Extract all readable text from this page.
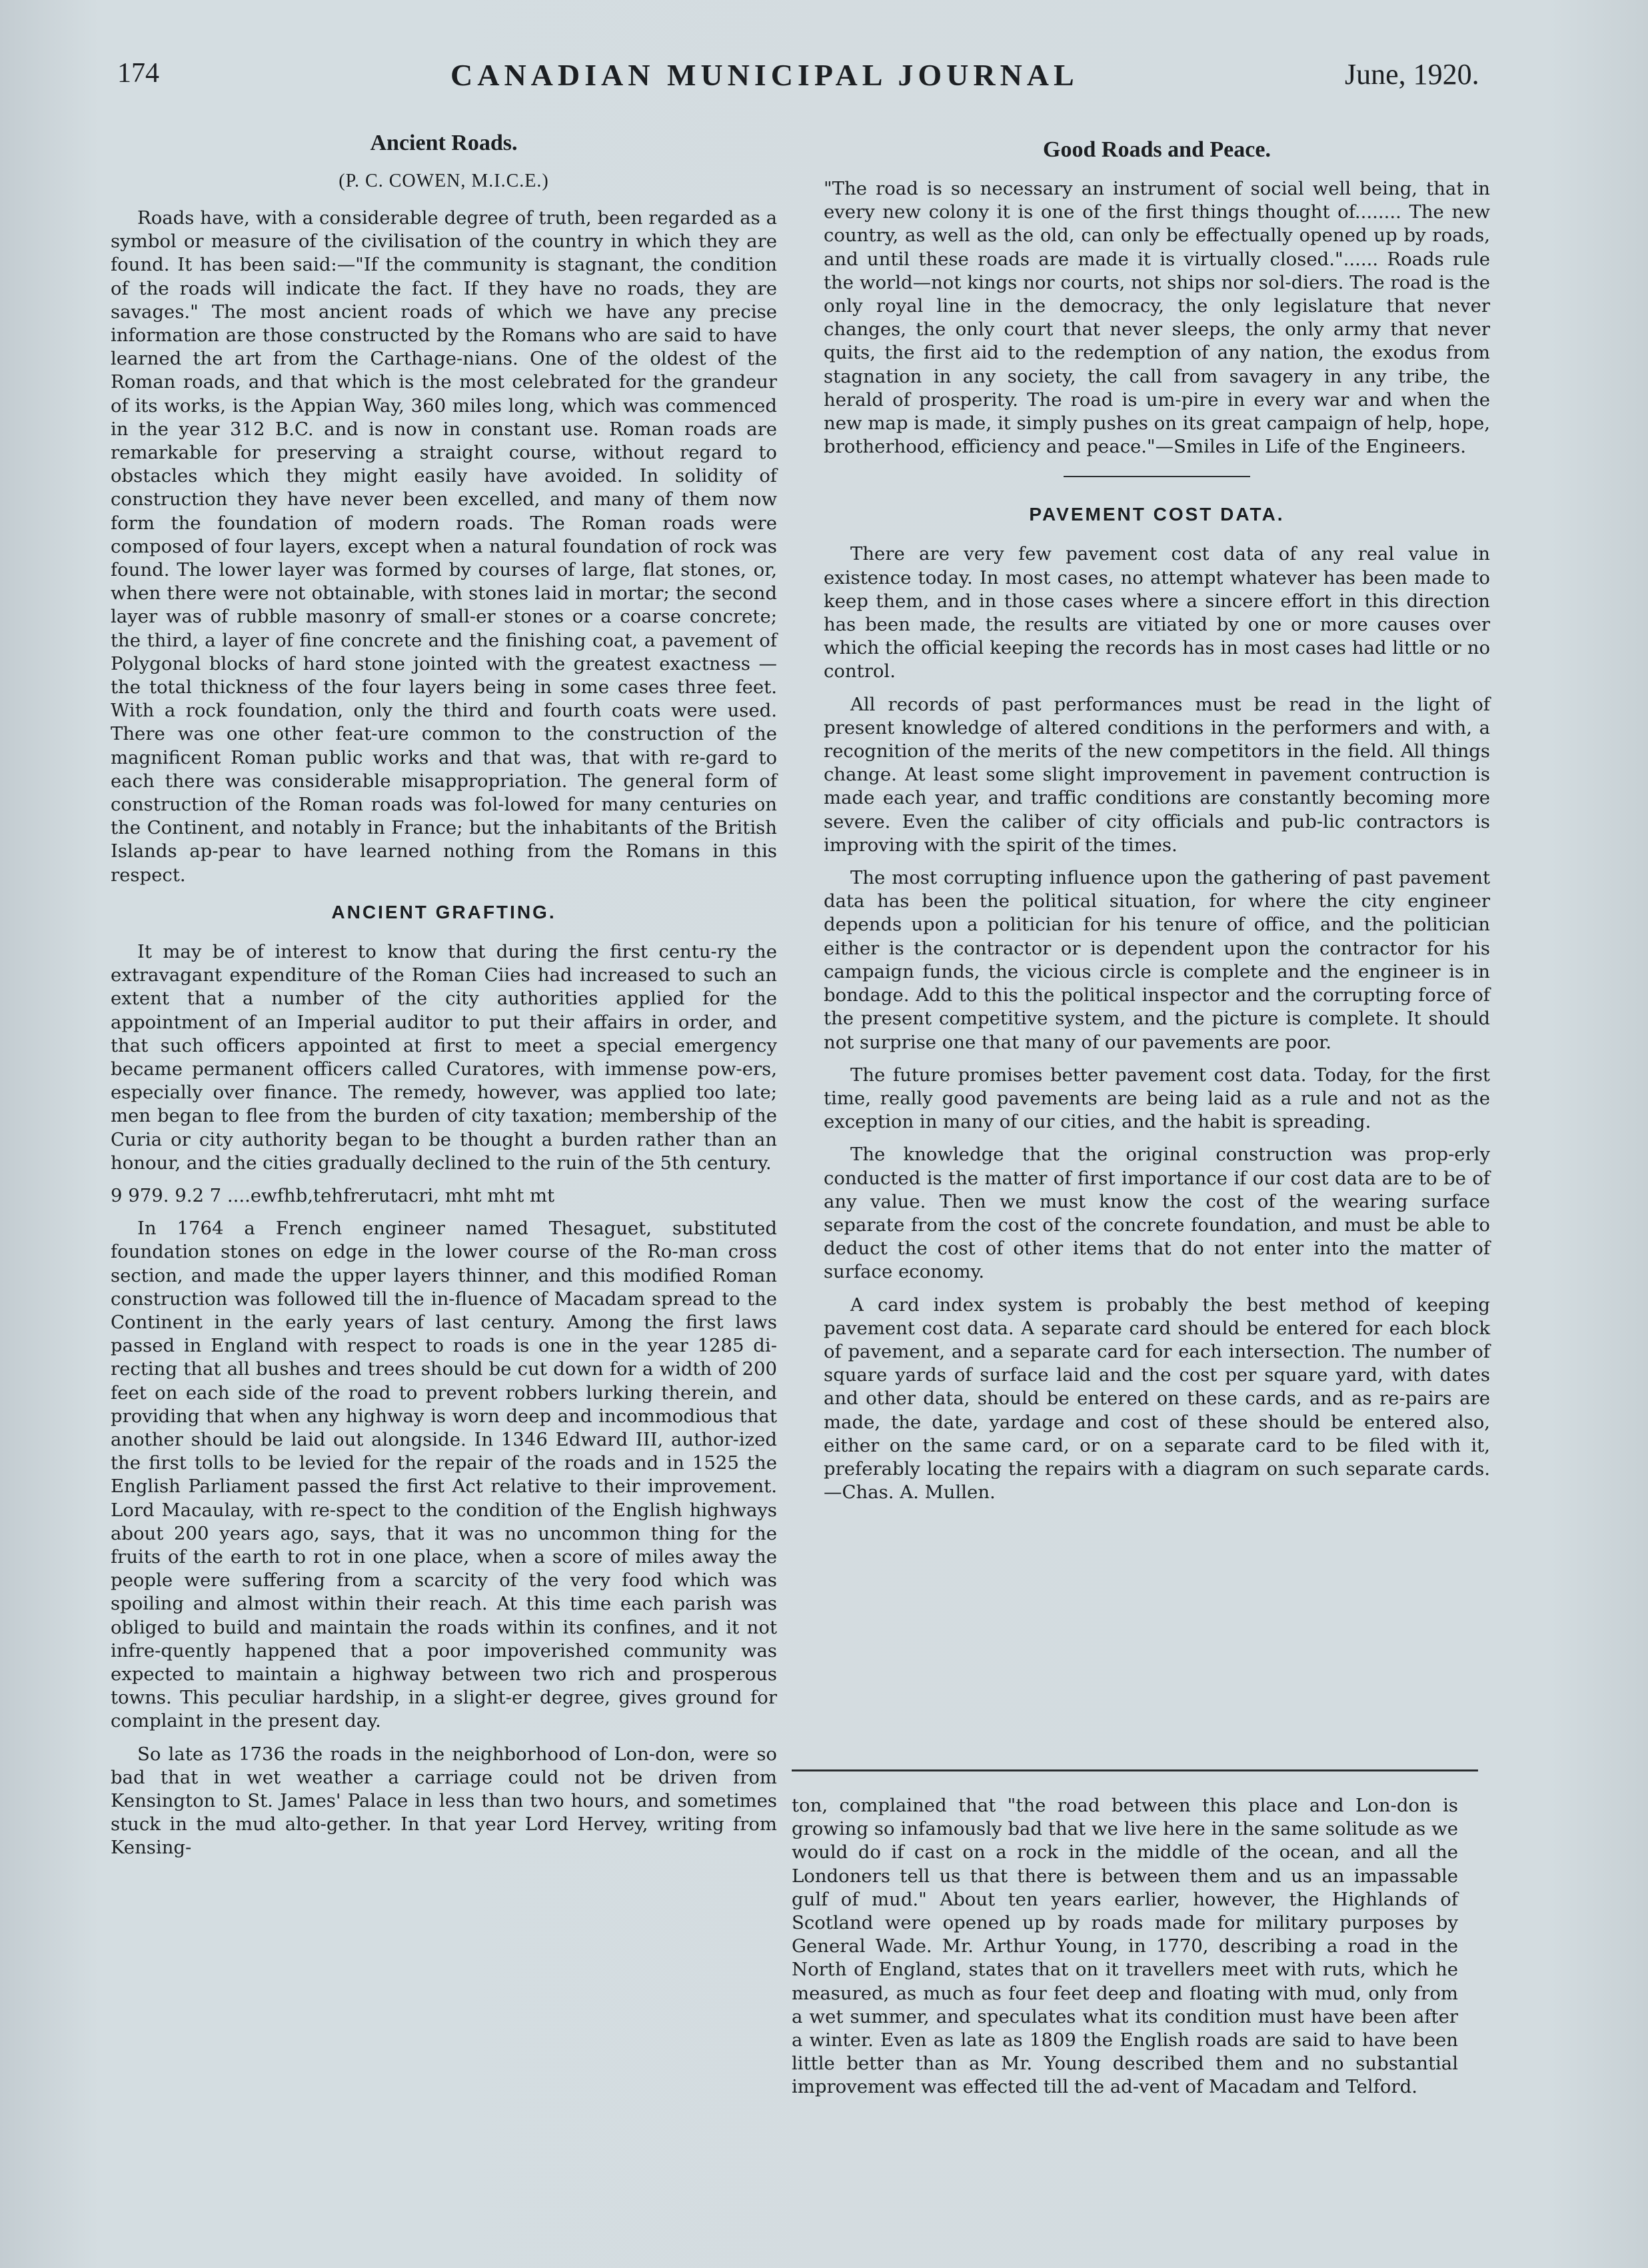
174	CANADIAN MUNICIPAL JOURNAL	June, 1920.
Ancient Roads.
(P. C. COWEN, M.I.C.E.)

Roads have, with a considerable degree of truth, been regarded as a symbol or measure of the civilisation of the country in which they are found. It has been said:—"If the community is stagnant, the condition of the roads will indicate the fact. If they have no roads, they are savages." The most ancient roads of which we have any precise information are those constructed by the Romans who are said to have learned the art from the Carthage-nians. One of the oldest of the Roman roads, and that which is the most celebrated for the grandeur of its works, is the Appian Way, 360 miles long, which was commenced in the year 312 B.C. and is now in constant use. Roman roads are remarkable for preserving a straight course, without regard to obstacles which they might easily have avoided. In solidity of construction they have never been excelled, and many of them now form the foundation of modern roads. The Roman roads were composed of four layers, except when a natural foundation of rock was found. The lower layer was formed by courses of large, flat stones, or, when there were not obtainable, with stones laid in mortar; the second layer was of rubble masonry of small-er stones or a coarse concrete; the third, a layer of fine concrete and the finishing coat, a pavement of Polygonal blocks of hard stone jointed with the greatest exactness —the total thickness of the four layers being in some cases three feet. With a rock foundation, only the third and fourth coats were used. There was one other feat-ure common to the construction of the magnificent Roman public works and that was, that with re-gard to each there was considerable misappropriation. The general form of construction of the Roman roads was fol-lowed for many centuries on the Continent, and notably in France; but the inhabitants of the British Islands ap-pear to have learned nothing from the Romans in this respect.

ANCIENT GRAFTING.

It may be of interest to know that during the first centu-ry the extravagant expenditure of the Roman Ciies had increased to such an extent that a number of the city authorities applied for the appointment of an Imperial auditor to put their affairs in order, and that such officers appointed at first to meet a special emergency became permanent officers called Curatores, with immense pow-ers, especially over finance. The remedy, however, was applied too late; men began to flee from the burden of city taxation; membership of the Curia or city authority began to be thought a burden rather than an honour, and the cities gradually declined to the ruin of the 5th century.

9 979. 9.2 7 ....ewfhb,tehfrerutacri, mht mht mt

In 1764 a French engineer named Thesaguet, substituted foundation stones on edge in the lower course of the Ro-man cross section, and made the upper layers thinner, and this modified Roman construction was followed till the in-fluence of Macadam spread to the Continent in the early years of last century. Among the first laws passed in England with respect to roads is one in the year 1285 di-recting that all bushes and trees should be cut down for a width of 200 feet on each side of the road to prevent robbers lurking therein, and providing that when any highway is worn deep and incommodious that another should be laid out alongside. In 1346 Edward III, author-ized the first tolls to be levied for the repair of the roads and in 1525 the English Parliament passed the first Act relative to their improvement. Lord Macaulay, with re-spect to the condition of the English highways about 200 years ago, says, that it was no uncommon thing for the fruits of the earth to rot in one place, when a score of miles away the people were suffering from a scarcity of the very food which was spoiling and almost within their reach. At this time each parish was obliged to build and maintain the roads within its confines, and it not infre-quently happened that a poor impoverished community was expected to maintain a highway between two rich and prosperous towns. This peculiar hardship, in a slight-er degree, gives ground for complaint in the present day.

So late as 1736 the roads in the neighborhood of Lon-don, were so bad that in wet weather a carriage could not be driven from Kensington to St. James' Palace in less than two hours, and sometimes stuck in the mud alto-gether. In that year Lord Hervey, writing from Kensing-

Good Roads and Peace.

"The road is so necessary an instrument of social well being, that in every new colony it is one of the first things thought of........ The new country, as well as the old, can only be effectually opened up by roads, and until these roads are made it is virtually closed."...... Roads rule the world—not kings nor courts, not ships nor sol-diers. The road is the only royal line in the democracy, the only legislature that never changes, the only court that never sleeps, the only army that never quits, the first aid to the redemption of any nation, the exodus from stagnation in any society, the call from savagery in any tribe, the herald of prosperity. The road is um-pire in every war and when the new map is made, it simply pushes on its great campaign of help, hope, brotherhood, efficiency and peace."—Smiles in Life of the Engineers.

PAVEMENT COST DATA.

There are very few pavement cost data of any real value in existence today. In most cases, no attempt whatever has been made to keep them, and in those cases where a sincere effort in this direction has been made, the results are vitiated by one or more causes over which the official keeping the records has in most cases had little or no control.

All records of past performances must be read in the light of present knowledge of altered conditions in the performers and with, a recognition of the merits of the new competitors in the field. All things change. At least some slight improvement in pavement contruction is made each year, and traffic conditions are constantly becoming more severe. Even the caliber of city officials and pub-lic contractors is improving with the spirit of the times.

The most corrupting influence upon the gathering of past pavement data has been the political situation, for where the city engineer depends upon a politician for his tenure of office, and the politician either is the contractor or is dependent upon the contractor for his campaign funds, the vicious circle is complete and the engineer is in bondage. Add to this the political inspector and the corrupting force of the present competitive system, and the picture is complete. It should not surprise one that many of our pavements are poor.

The future promises better pavement cost data. Today, for the first time, really good pavements are being laid as a rule and not as the exception in many of our cities, and the habit is spreading.

The knowledge that the original construction was prop-erly conducted is the matter of first importance if our cost data are to be of any value. Then we must know the cost of the wearing surface separate from the cost of the concrete foundation, and must be able to deduct the cost of other items that do not enter into the matter of surface economy.

A card index system is probably the best method of keeping pavement cost data. A separate card should be entered for each block of pavement, and a separate card for each intersection. The number of square yards of surface laid and the cost per square yard, with dates and other data, should be entered on these cards, and as re-pairs are made, the date, yardage and cost of these should be entered also, either on the same card, or on a separate card to be filed with it, preferably locating the repairs with a diagram on such separate cards.—Chas. A. Mullen.

ton, complained that "the road between this place and Lon-don is growing so infamously bad that we live here in the same solitude as we would do if cast on a rock in the middle of the ocean, and all the Londoners tell us that there is between them and us an impassable gulf of mud." About ten years earlier, however, the Highlands of Scotland were opened up by roads made for military purposes by General Wade. Mr. Arthur Young, in 1770, describing a road in the North of England, states that on it travellers meet with ruts, which he measured, as much as four feet deep and floating with mud, only from a wet summer, and speculates what its condition must have been after a winter. Even as late as 1809 the English roads are said to have been little better than as Mr. Young described them and no substantial improvement was effected till the ad-vent of Macadam and Telford.
